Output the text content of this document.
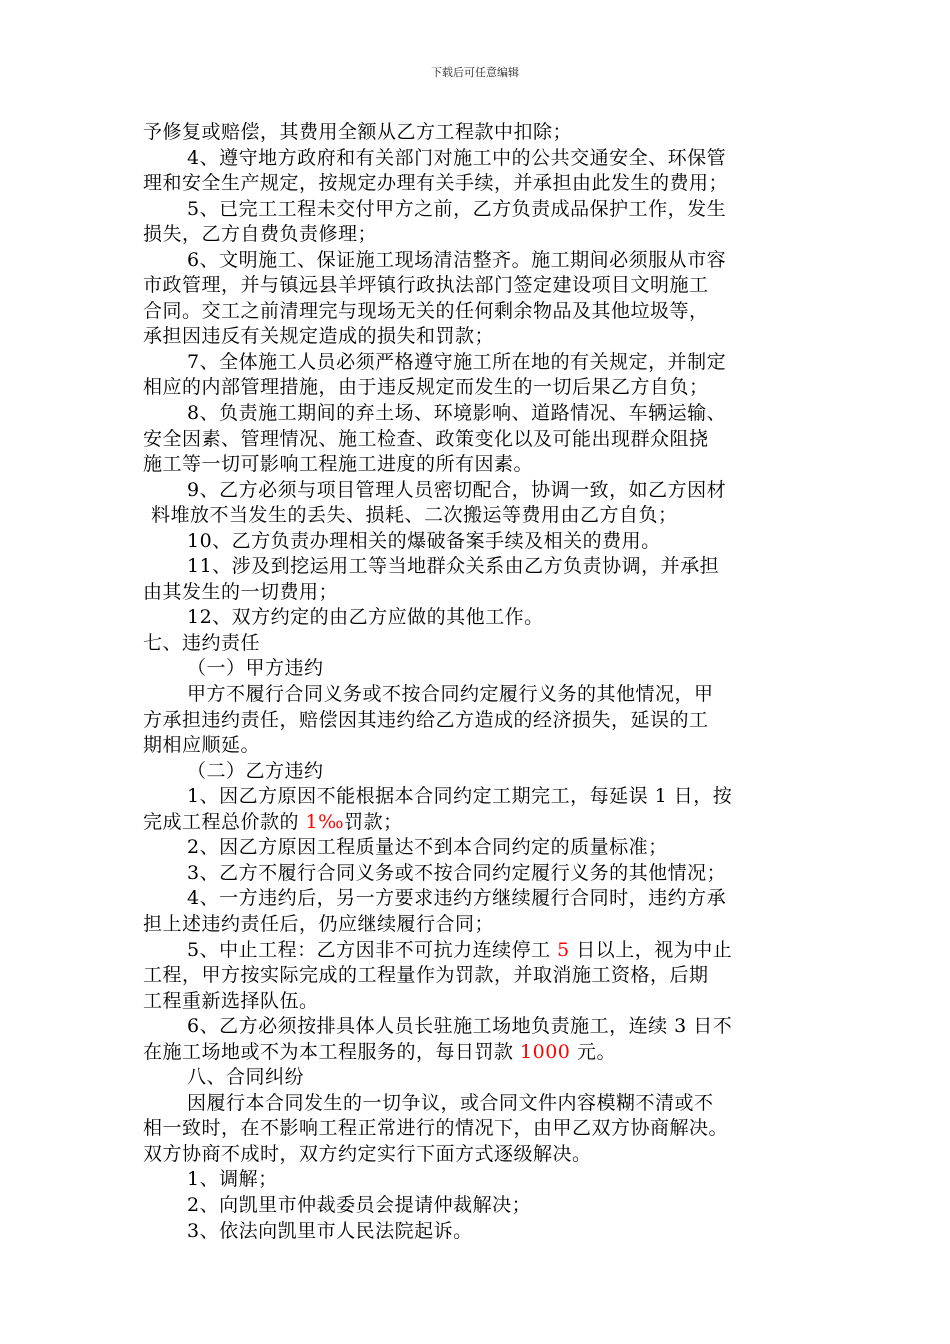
下载后可任意编辑
予修复或赔偿，其费用全额从乙方工程款中扣除；
4、遵守地方政府和有关部门对施工中的公共交通安全、环保管
理和安全生产规定，按规定办理有关手续，并承担由此发生的费用；
5、已完工工程未交付甲方之前，乙方负责成品保护工作，发生
损失，乙方自费负责修理；
6、文明施工、保证施工现场清洁整齐。施工期间必须服从市容
市政管理，并与镇远县羊坪镇行政执法部门签定建设项目文明施工
合同。交工之前清理完与现场无关的任何剩余物品及其他垃圾等，
承担因违反有关规定造成的损失和罚款；
7、全体施工人员必须严格遵守施工所在地的有关规定，并制定
相应的内部管理措施，由于违反规定而发生的一切后果乙方自负；
8、负责施工期间的弃土场、环境影响、道路情况、车辆运输、
安全因素、管理情况、施工检查、政策变化以及可能出现群众阻挠
施工等一切可影响工程施工进度的所有因素。
9、乙方必须与项目管理人员密切配合，协调一致，如乙方因材
料堆放不当发生的丢失、损耗、二次搬运等费用由乙方自负；
10、乙方负责办理相关的爆破备案手续及相关的费用。
11、涉及到挖运用工等当地群众关系由乙方负责协调，并承担
由其发生的一切费用；
12、双方约定的由乙方应做的其他工作。
七、违约责任
（一）甲方违约
甲方不履行合同义务或不按合同约定履行义务的其他情况，甲
方承担违约责任，赔偿因其违约给乙方造成的经济损失，延误的工
期相应顺延。
（二）乙方违约
1、因乙方原因不能根据本合同约定工期完工，每延误 1 日，按
完成工程总价款的 1‰罚款；
2、因乙方原因工程质量达不到本合同约定的质量标准；
3、乙方不履行合同义务或不按合同约定履行义务的其他情况；
4、一方违约后，另一方要求违约方继续履行合同时，违约方承
担上述违约责任后，仍应继续履行合同；
5、中止工程：乙方因非不可抗力连续停工 5 日以上，视为中止
工程，甲方按实际完成的工程量作为罚款，并取消施工资格，后期
工程重新选择队伍。
6、乙方必须按排具体人员长驻施工场地负责施工，连续 3 日不
在施工场地或不为本工程服务的，每日罚款 1000 元。
八、合同纠纷
因履行本合同发生的一切争议，或合同文件内容模糊不清或不
相一致时，在不影响工程正常进行的情况下，由甲乙双方协商解决。
双方协商不成时，双方约定实行下面方式逐级解决。
1、调解；
2、向凯里市仲裁委员会提请仲裁解决；
3、依法向凯里市人民法院起诉。
